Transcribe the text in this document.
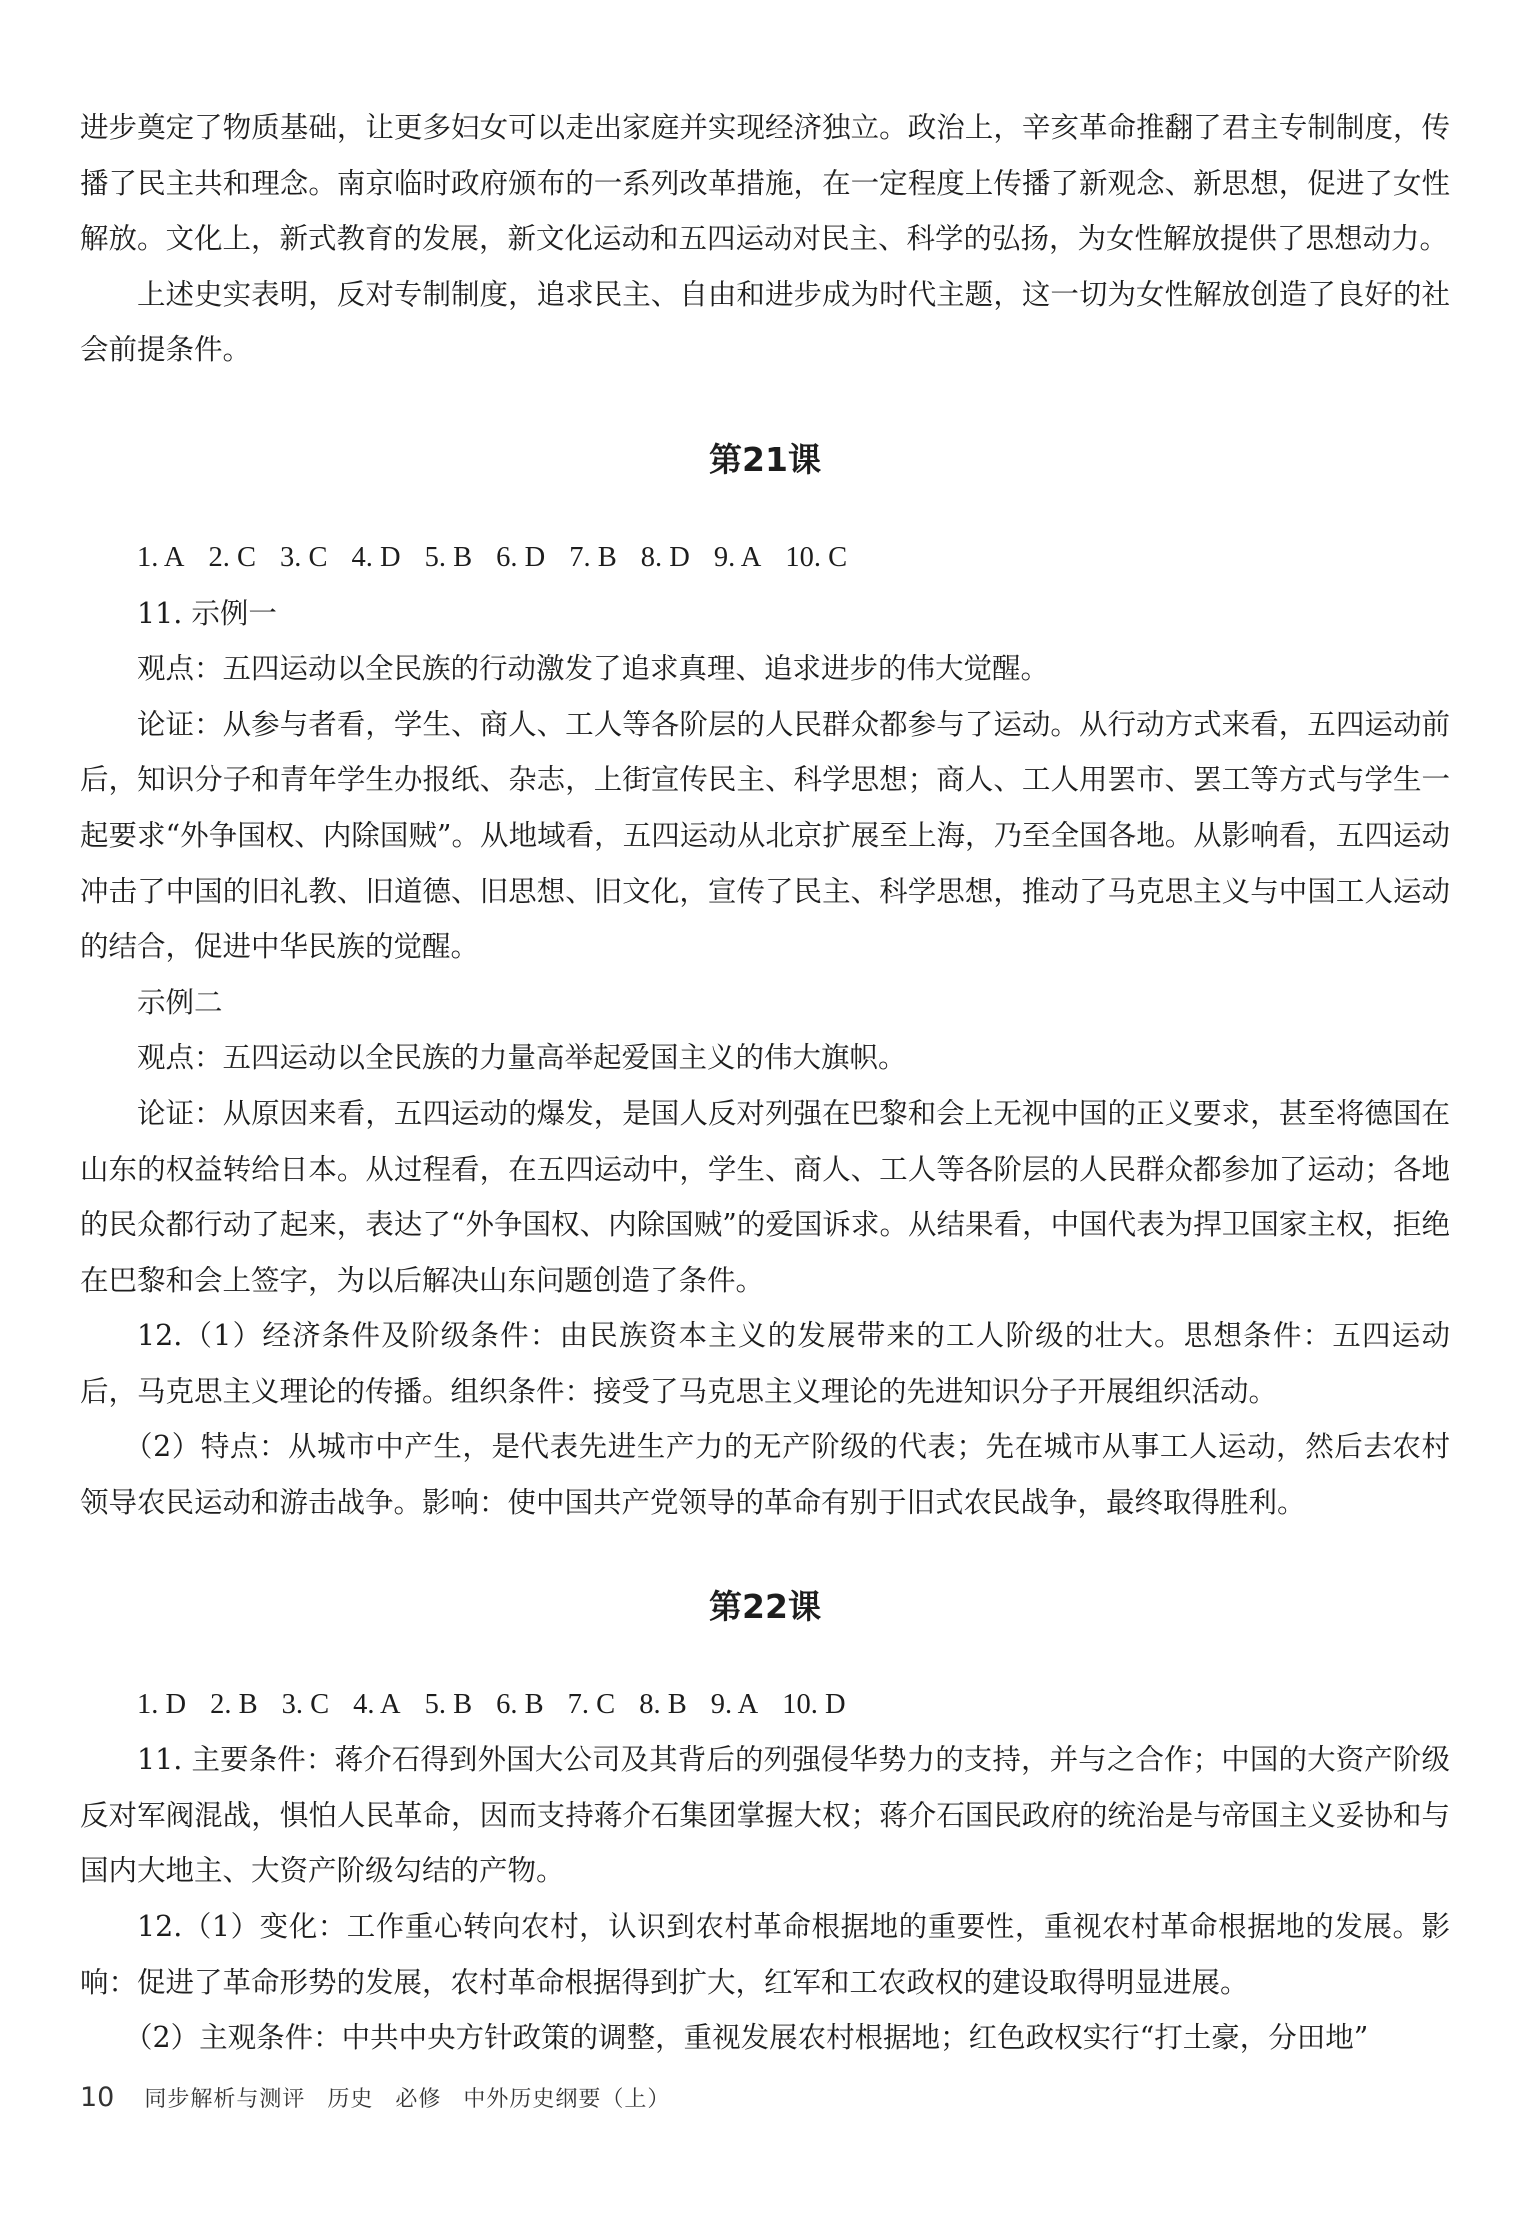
进步奠定了物质基础，让更多妇女可以走出家庭并实现经济独立。政治上，辛亥革命推翻了君主专制制度，传播了民主共和理念。南京临时政府颁布的一系列改革措施，在一定程度上传播了新观念、新思想，促进了女性解放。文化上，新式教育的发展，新文化运动和五四运动对民主、科学的弘扬，为女性解放提供了思想动力。

上述史实表明，反对专制制度，追求民主、自由和进步成为时代主题，这一切为女性解放创造了良好的社会前提条件。

第21课

1. A 2. C 3. C 4. D 5. B 6. D 7. B 8. D 9. A 10. C

11. 示例一

观点：五四运动以全民族的行动激发了追求真理、追求进步的伟大觉醒。

论证：从参与者看，学生、商人、工人等各阶层的人民群众都参与了运动。从行动方式来看，五四运动前后，知识分子和青年学生办报纸、杂志，上街宣传民主、科学思想；商人、工人用罢市、罢工等方式与学生一起要求“外争国权、内除国贼”。从地域看，五四运动从北京扩展至上海，乃至全国各地。从影响看，五四运动冲击了中国的旧礼教、旧道德、旧思想、旧文化，宣传了民主、科学思想，推动了马克思主义与中国工人运动的结合，促进中华民族的觉醒。

示例二

观点：五四运动以全民族的力量高举起爱国主义的伟大旗帜。

论证：从原因来看，五四运动的爆发，是国人反对列强在巴黎和会上无视中国的正义要求，甚至将德国在山东的权益转给日本。从过程看，在五四运动中，学生、商人、工人等各阶层的人民群众都参加了运动；各地的民众都行动了起来，表达了“外争国权、内除国贼”的爱国诉求。从结果看，中国代表为捍卫国家主权，拒绝在巴黎和会上签字，为以后解决山东问题创造了条件。

12.（1）经济条件及阶级条件：由民族资本主义的发展带来的工人阶级的壮大。思想条件：五四运动后，马克思主义理论的传播。组织条件：接受了马克思主义理论的先进知识分子开展组织活动。

（2）特点：从城市中产生，是代表先进生产力的无产阶级的代表；先在城市从事工人运动，然后去农村领导农民运动和游击战争。影响：使中国共产党领导的革命有别于旧式农民战争，最终取得胜利。

第22课

1. D 2. B 3. C 4. A 5. B 6. B 7. C 8. B 9. A 10. D

11. 主要条件：蒋介石得到外国大公司及其背后的列强侵华势力的支持，并与之合作；中国的大资产阶级反对军阀混战，惧怕人民革命，因而支持蒋介石集团掌握大权；蒋介石国民政府的统治是与帝国主义妥协和与国内大地主、大资产阶级勾结的产物。

12.（1）变化：工作重心转向农村，认识到农村革命根据地的重要性，重视农村革命根据地的发展。影响：促进了革命形势的发展，农村革命根据得到扩大，红军和工农政权的建设取得明显进展。

（2）主观条件：中共中央方针政策的调整，重视发展农村根据地；红色政权实行“打土豪，分田地”

10 同步解析与测评 历史 必修 中外历史纲要（上）
